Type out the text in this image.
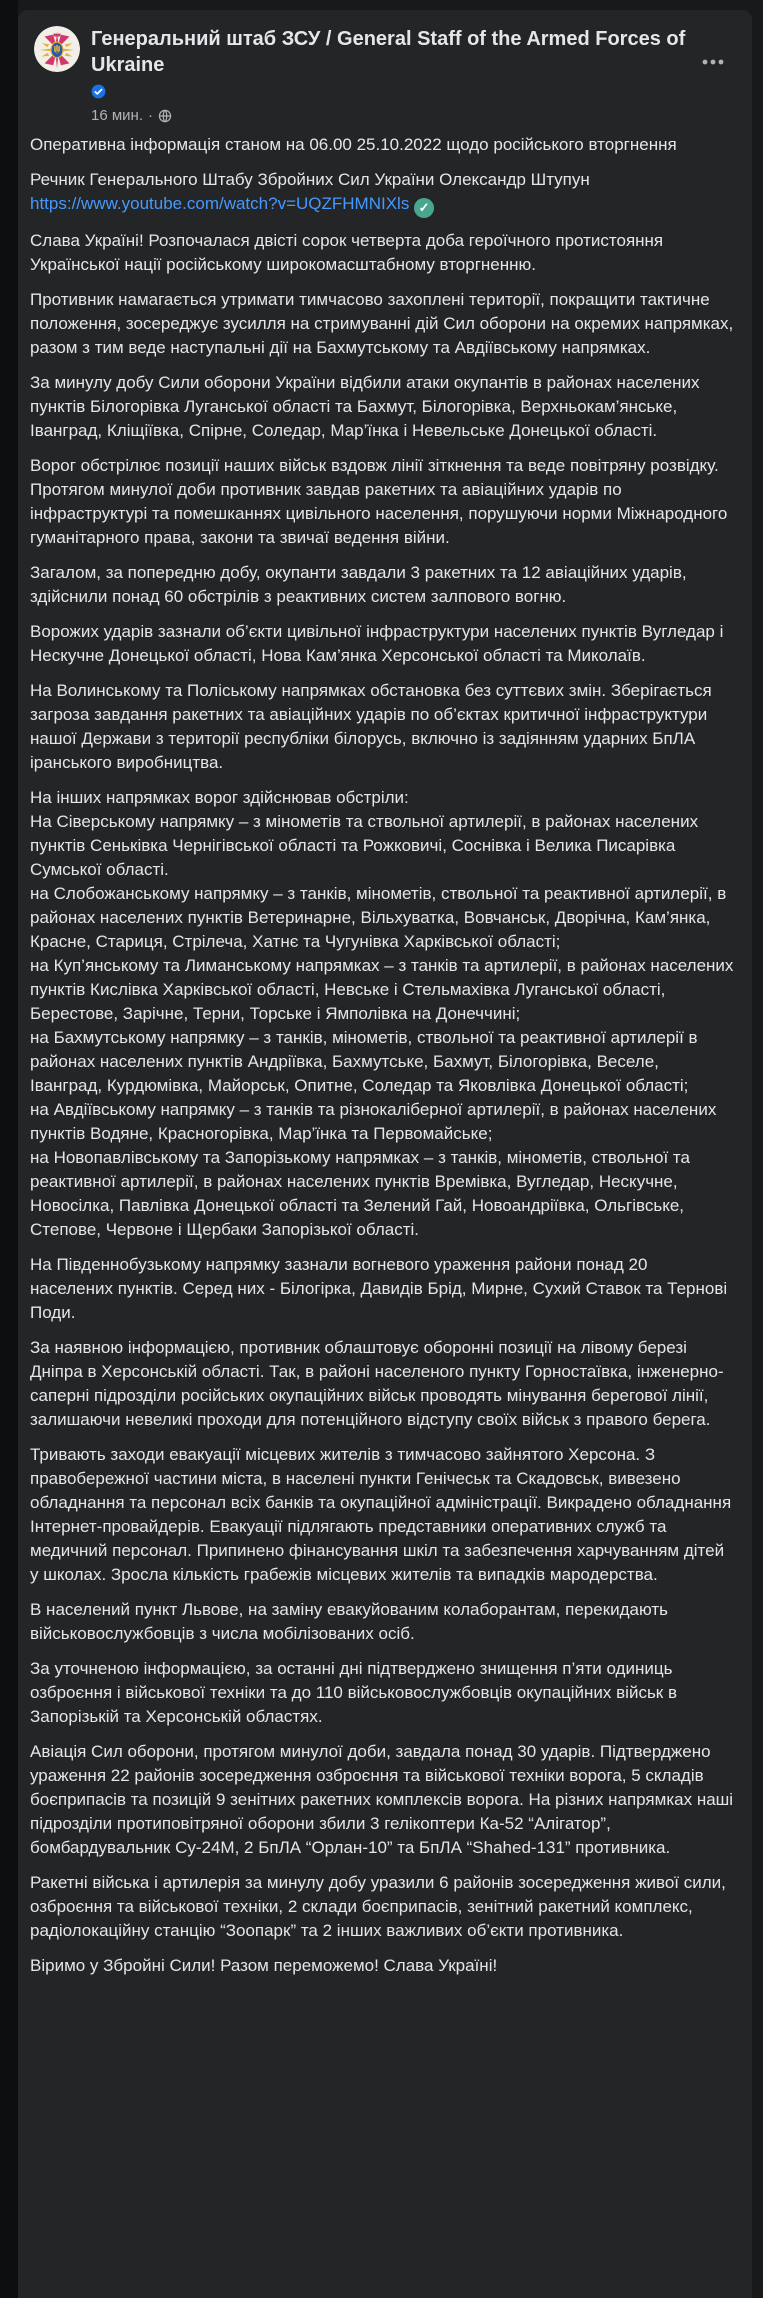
Генеральний штаб ЗСУ / General Staff of the Armed Forces of Ukraine
16 мин. ·

Оперативна інформація станом на 06.00 25.10.2022 щодо російського вторгнення

Речник Генерального Штабу Збройних Сил України Олександр Штупун
https://www.youtube.com/watch?v=UQZFHMNIXls ✓

Слава Україні! Розпочалася двісті сорок четверта доба героїчного протистояння Української нації російському широкомасштабному вторгненню.

Противник намагається утримати тимчасово захоплені території, покращити тактичне положення, зосереджує зусилля на стримуванні дій Сил оборони на окремих напрямках, разом з тим веде наступальні дії на Бахмутському та Авдіївському напрямках.

За минулу добу Сили оборони України відбили атаки окупантів в районах населених пунктів Білогорівка Луганської області та Бахмут, Білогорівка, Верхньокам’янське, Іванград, Кліщіївка, Спірне, Соледар, Мар’їнка і Невельське Донецької області.

Ворог обстрілює позиції наших військ вздовж лінії зіткнення та веде повітряну розвідку. Протягом минулої доби противник завдав ракетних та авіаційних ударів по інфраструктурі та помешканнях цивільного населення, порушуючи норми Міжнародного гуманітарного права, закони та звичаї ведення війни.

Загалом, за попередню добу, окупанти завдали 3 ракетних та 12 авіаційних ударів, здійснили понад 60 обстрілів з реактивних систем залпового вогню.

Ворожих ударів зазнали об’єкти цивільної інфраструктури населених пунктів Вугледар і Нескучне Донецької області, Нова Кам’янка Херсонської області та Миколаїв.

На Волинському та Поліському напрямках обстановка без суттєвих змін. Зберігається загроза завдання ракетних та авіаційних ударів по об’єктах критичної інфраструктури нашої Держави з території республіки білорусь, включно із задіянням ударних БпЛА іранського виробництва.

На інших напрямках ворог здійснював обстріли:
На Сіверському напрямку – з мінометів та ствольної артилерії, в районах населених пунктів Сеньківка Чернігівської області та Рожковичі, Соснівка і Велика Писарівка Сумської області.
на Слобожанському напрямку – з танків, мінометів, ствольної та реактивної артилерії, в районах населених пунктів Ветеринарне, Вільхуватка, Вовчанськ, Дворічна, Кам’янка, Красне, Стариця, Стрілеча, Хатнє та Чугунівка Харківської області;
на Куп’янському та Лиманському напрямках – з танків та артилерії, в районах населених пунктів Кислівка Харківської області, Невське і Стельмахівка Луганської області, Берестове, Зарічне, Терни, Торське і Ямполівка на Донеччині;
на Бахмутському напрямку – з танків, мінометів, ствольної та реактивної артилерії в районах населених пунктів Андріївка, Бахмутське, Бахмут, Білогорівка, Веселе, Іванград, Курдюмівка, Майорськ, Опитне, Соледар та Яковлівка Донецької області;
на Авдіївському напрямку – з танків та різнокаліберної артилерії, в районах населених пунктів Водяне, Красногорівка, Мар’їнка та Первомайське;
на Новопавлівському та Запорізькому напрямках – з танків, мінометів, ствольної та реактивної артилерії, в районах населених пунктів Времівка, Вугледар, Нескучне, Новосілка, Павлівка Донецької області та Зелений Гай, Новоандріївка, Ольгівське, Степове, Червоне і Щербаки Запорізької області.

На Південнобузькому напрямку зазнали вогневого ураження райони понад 20 населених пунктів. Серед них - Білогірка, Давидів Брід, Мирне, Сухий Ставок та Тернові Поди.

За наявною інформацією, противник облаштовує оборонні позиції на лівому березі Дніпра в Херсонській області. Так, в районі населеного пункту Горностаївка, інженерно-саперні підрозділи російських окупаційних військ проводять мінування берегової лінії, залишаючи невеликі проходи для потенційного відступу своїх військ з правого берега.

Тривають заходи евакуації місцевих жителів з тимчасово зайнятого Херсона. З правобережної частини міста, в населені пункти Генічеськ та Скадовськ, вивезено обладнання та персонал всіх банків та окупаційної адміністрації. Викрадено обладнання Інтернет-провайдерів. Евакуації підлягають представники оперативних служб та медичний персонал. Припинено фінансування шкіл та забезпечення харчуванням дітей у школах. Зросла кількість грабежів місцевих жителів та випадків мародерства.

В населений пункт Львове, на заміну евакуйованим колаборантам, перекидають військовослужбовців з числа мобілізованих осіб.

За уточненою інформацією, за останні дні підтверджено знищення п’яти одиниць озброєння і військової техніки та до 110 військовослужбовців окупаційних військ в Запорізькій та Херсонській областях.

Авіація Сил оборони, протягом минулої доби, завдала понад 30 ударів. Підтверджено ураження 22 районів зосередження озброєння та військової техніки ворога, 5 складів боєприпасів та позицій 9 зенітних ракетних комплексів ворога. На різних напрямках наші підрозділи протиповітряної оборони збили 3 гелікоптери Ка-52 “Алігатор”, бомбардувальник Су-24М, 2 БпЛА “Орлан-10” та БпЛА “Shahed-131” противника.

Ракетні війська і артилерія за минулу добу уразили 6 районів зосередження живої сили, озброєння та військової техніки, 2 склади боєприпасів, зенітний ракетний комплекс, радіолокаційну станцію “Зоопарк” та 2 інших важливих об’єкти противника.

Віримо у Збройні Сили! Разом переможемо! Слава Україні!
